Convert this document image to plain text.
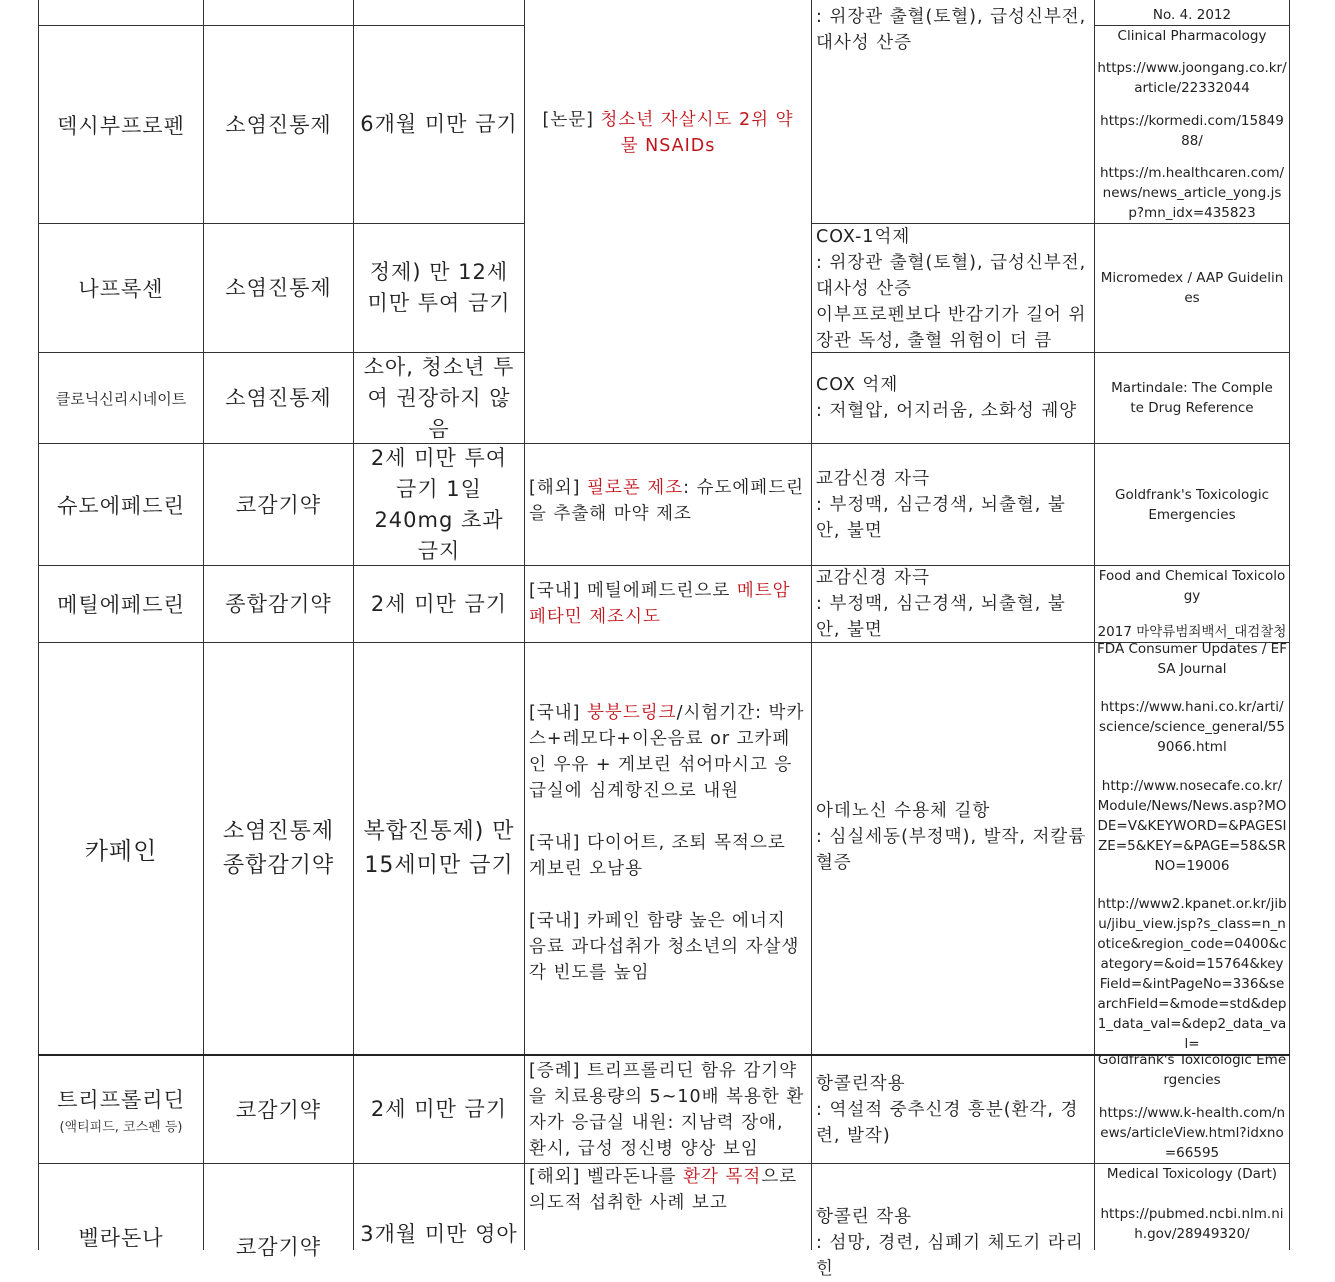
: 위장관 출혈(토혈), 급성신부전, 대사성 산증

No. 4. 2012

덱시부프로펜 소염진통제 6개월 미만 금기

Clinical Pharmacology

https://www.joongang.co.kr/article/22332044

https://kormedi.com/1584988/

https://m.healthcaren.com/news/news_article_yong.jsp?mn_idx=435823

[논문] 청소년 자살시도 2위 약물 NSAIDs
나프록센	소염진통제
정제) 만 12세미만 투여 금기

COX-1억제

: 위장관 출혈(토혈), 급성신부전, 대사성 산증

이부프로펜보다 반감기가 길어 위장관 독성, 출혈 위험이 더 큼

Micromedex / AAP Guidelines

클로닉신리시네이트 소염진통제
소아, 청소년 투여 권장하지 않음

COX 억제

: 저혈압, 어지러움, 소화성 궤양

Martindale: The Complete Drug Reference

슈도에페드린 코감기약
2세 미만 투여 금기 1일 240mg 초과 금지

[해외] 필로폰 제조: 슈도에페드린을 추출해 마약 제조

교감신경 자극

: 부정맥, 심근경색, 뇌출혈, 불안, 불면

Goldfrank's Toxicologic Emergencies

메틸에페드린 종합감기약 2세 미만 금기

[국내] 메틸에페드린으로 메트암페타민 제조시도

교감신경 자극

: 부정맥, 심근경색, 뇌출혈, 불안, 불면

Food and Chemical Toxicology

2017 마약류범죄백서_대검찰청

카페인
소염진통제 종합감기약
복합진통제) 만 15세미만 금기

[국내] 붕붕드링크/시험기간: 박카스+레모다+이온음료 or 고카페인 우유 + 게보린 섞어마시고 응급실에 심계항진으로 내원

[국내] 다이어트, 조퇴 목적으로 게보린 오남용

[국내] 카페인 함량 높은 에너지 음료 과다섭취가 청소년의 자살생각 빈도를 높임

아데노신 수용체 길항

: 심실세동(부정맥), 발작, 저칼륨혈증

FDA Consumer Updates / EFSA Journal

https://www.hani.co.kr/arti/science/science_general/559066.html

http://www.nosecafe.co.kr/Module/News/News.asp?MODE=V&KEYWORD=&PAGESIZE=5&KEY=&PAGE=58&SRNO=19006

http://www2.kpanet.or.kr/jibu/jibu_view.jsp?s_class=n_notice&region_code=0400&category=&oid=15764&keyField=&intPageNo=336&searchField=&mode=std&dep1_data_val=&dep2_data_val=

트리프롤리딘
(액티피드, 코스펜 등)
코감기약 2세 미만 금기

[증례] 트리프롤리딘 함유 감기약을 치료용량의 5~10배 복용한 환자가 응급실 내원: 지남력 장애, 환시, 급성 정신병 양상 보임

항콜린작용

: 역설적 중추신경 흥분(환각, 경련, 발작)

Goldfrank's Toxicologic Emergencies

https://www.k-health.com/news/articleView.html?idxno=66595

벨라돈나	코감기약
3개월 미만 영아

[해외] 벨라돈나를 환각 목적으로 의도적 섭취한 사례 보고

항콜린 작용

: 섬망, 경련, 심폐기 체도기 라리힌

Medical Toxicology (Dart)

https://pubmed.ncbi.nlm.nih.gov/28949320/
